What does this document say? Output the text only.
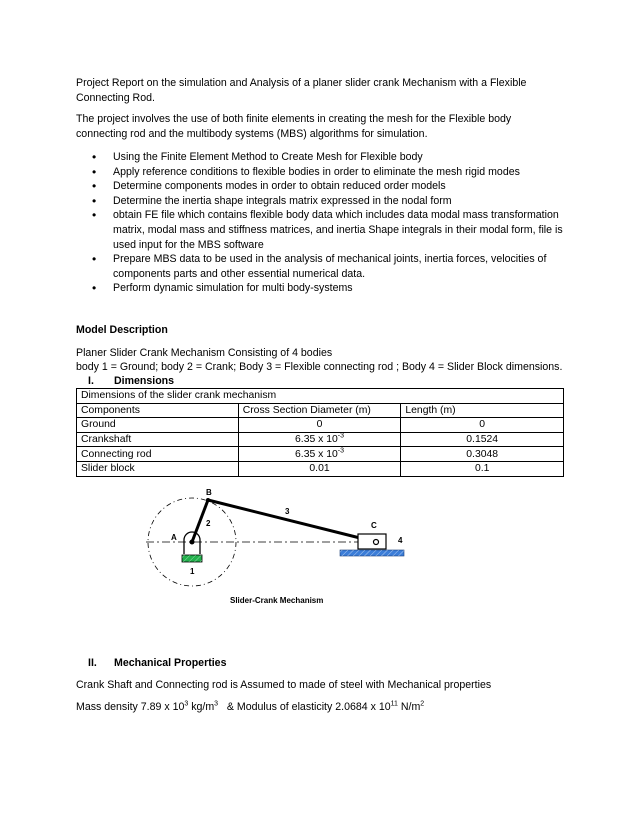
Project Report on the simulation and Analysis of a planer slider crank Mechanism with a Flexible Connecting Rod.

The project involves the use of both finite elements in creating the mesh for the Flexible body connecting rod and the multibody systems (MBS) algorithms for simulation.

• Using the Finite Element Method to Create Mesh for Flexible body
• Apply reference conditions to flexible bodies in order to eliminate the mesh rigid modes
• Determine components modes in order to obtain reduced order models
• Determine the inertia shape integrals matrix expressed in the nodal form
• obtain FE file which contains flexible body data which includes data modal mass transformation matrix, modal mass and stiffness matrices, and inertia Shape integrals in their modal form, file is used input for the MBS software
• Prepare MBS data to be used in the analysis of mechanical joints, inertia forces, velocities of components parts and other essential numerical data.
• Perform dynamic simulation for multi body-systems

Model Description

Planer Slider Crank Mechanism Consisting of 4 bodies

body 1 = Ground; body 2 = Crank; Body 3 = Flexible connecting rod ; Body 4 = Slider Block dimensions.

I. Dimensions

Dimensions of the slider crank mechanism		
Components	Cross Section Diameter (m)	Length (m)
Ground	0	0
Crankshaft	6.35 x $10^{-3}$	0.1524
Connecting rod	6.35 x $10^{-3}$	0.3048
Slider block	0.01	0.1
B
A
C
2
3
4
1
Slider-Crank Mechanism

II. Mechanical Properties

Crank Shaft and Connecting rod is Assumed to made of steel with Mechanical properties

Mass density 7.89 x $10^3$ $kg/m^3$   & Modulus of elasticity 2.0684 x $10^{11}$ $N/m^2$
